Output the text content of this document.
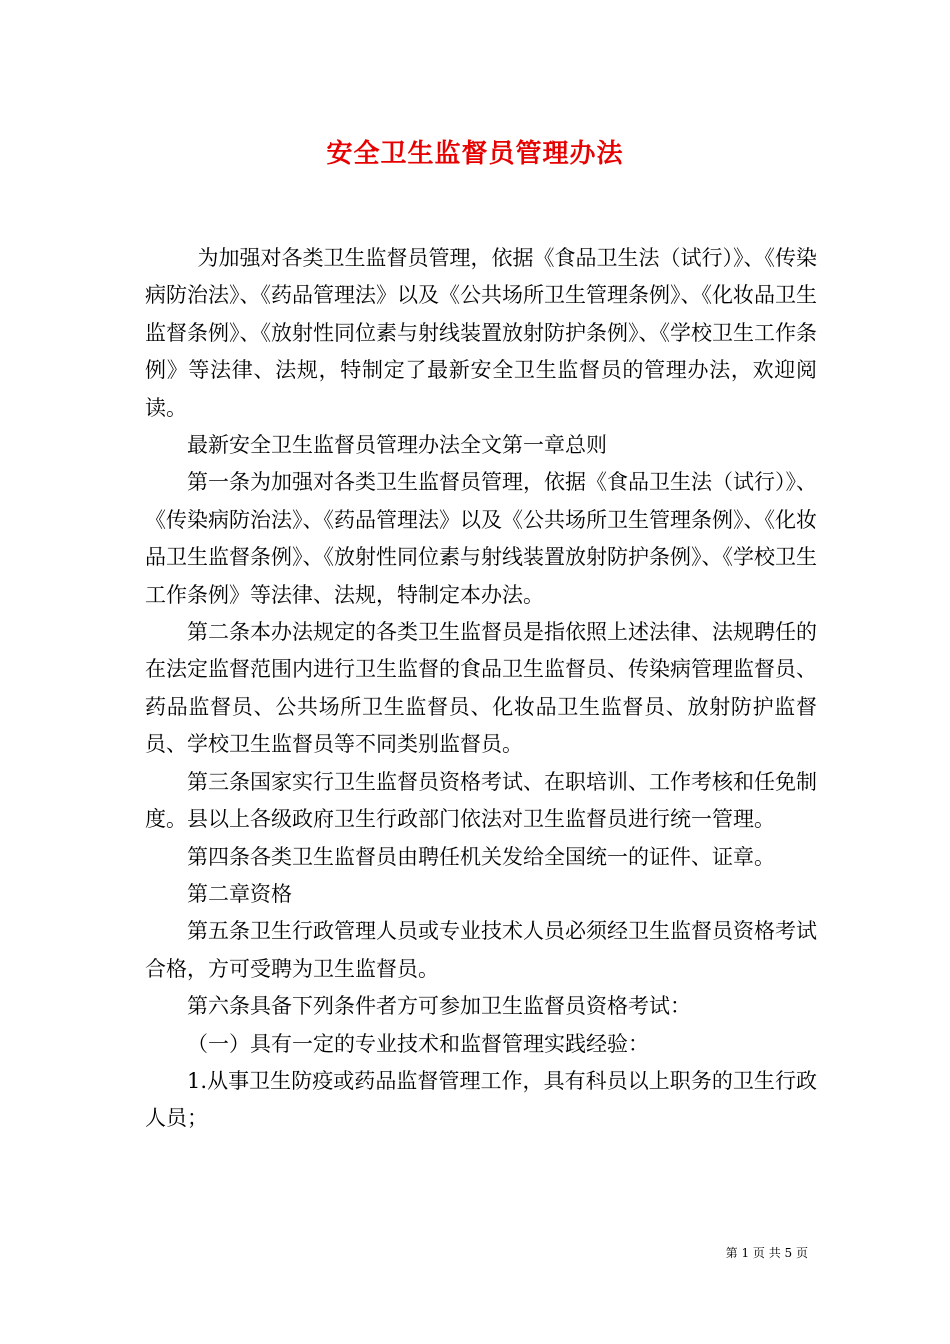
安全卫生监督员管理办法

为加强对各类卫生监督员管理，依据《食品卫生法（试行）》、《传染病防治法》、《药品管理法》以及《公共场所卫生管理条例》、《化妆品卫生监督条例》、《放射性同位素与射线装置放射防护条例》、《学校卫生工作条例》等法律、法规，特制定了最新安全卫生监督员的管理办法，欢迎阅读。

最新安全卫生监督员管理办法全文第一章总则

第一条为加强对各类卫生监督员管理，依据《食品卫生法（试行）》、《传染病防治法》、《药品管理法》以及《公共场所卫生管理条例》、《化妆品卫生监督条例》、《放射性同位素与射线装置放射防护条例》、《学校卫生工作条例》等法律、法规，特制定本办法。

第二条本办法规定的各类卫生监督员是指依照上述法律、法规聘任的在法定监督范围内进行卫生监督的食品卫生监督员、传染病管理监督员、药品监督员、公共场所卫生监督员、化妆品卫生监督员、放射防护监督员、学校卫生监督员等不同类别监督员。

第三条国家实行卫生监督员资格考试、在职培训、工作考核和任免制度。县以上各级政府卫生行政部门依法对卫生监督员进行统一管理。

第四条各类卫生监督员由聘任机关发给全国统一的证件、证章。

第二章资格

第五条卫生行政管理人员或专业技术人员必须经卫生监督员资格考试合格，方可受聘为卫生监督员。

第六条具备下列条件者方可参加卫生监督员资格考试：

（一）具有一定的专业技术和监督管理实践经验：

1.从事卫生防疫或药品监督管理工作，具有科员以上职务的卫生行政人员；

第 1 页 共 5 页
